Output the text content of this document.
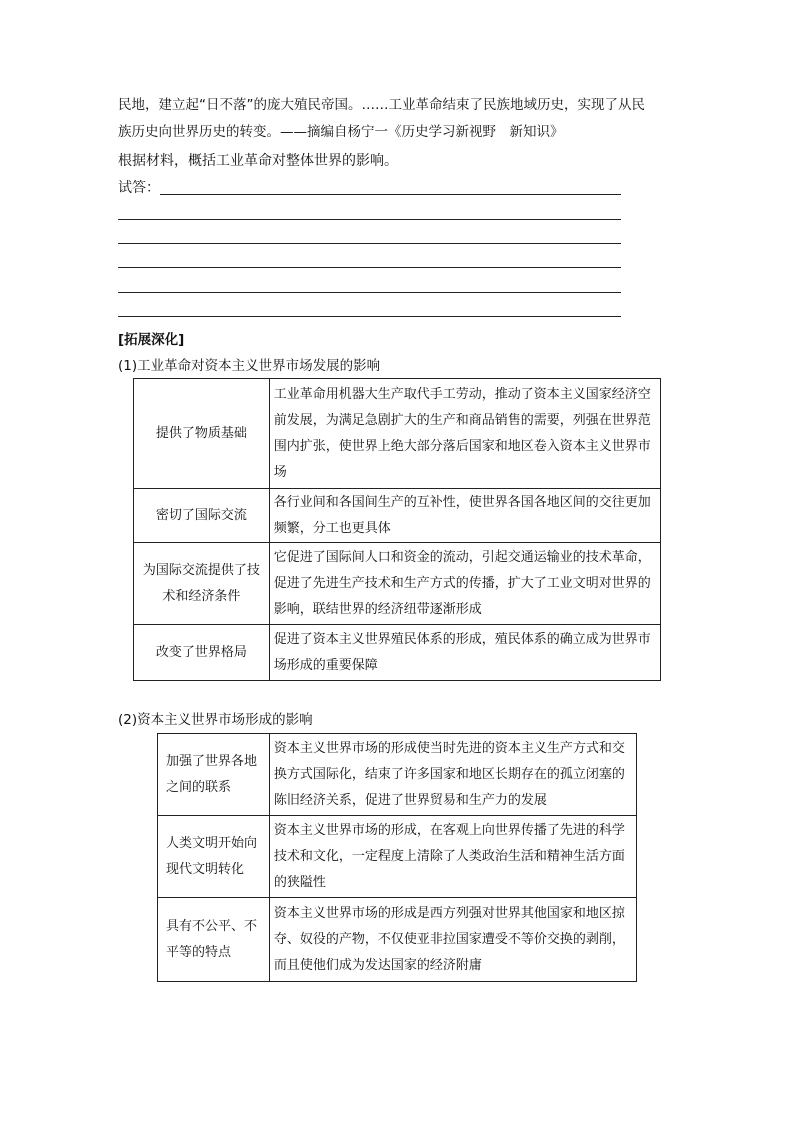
民地，建立起“日不落”的庞大殖民帝国。……工业革命结束了民族地域历史，实现了从民
族历史向世界历史的转变。——摘编自杨宁一《历史学习新视野　新知识》
根据材料，概括工业革命对整体世界的影响。
试答：
[拓展深化]
(1)工业革命对资本主义世界市场发展的影响
提供了物质基础	工业革命用机器大生产取代手工劳动，推动了资本主义国家经济空前发展，为满足急剧扩大的生产和商品销售的需要，列强在世界范围内扩张，使世界上绝大部分落后国家和地区卷入资本主义世界市场
密切了国际交流	各行业间和各国间生产的互补性，使世界各国各地区间的交往更加频繁，分工也更具体
为国际交流提供了技术和经济条件	它促进了国际间人口和资金的流动，引起交通运输业的技术革命，促进了先进生产技术和生产方式的传播，扩大了工业文明对世界的影响，联结世界的经济纽带逐渐形成
改变了世界格局	促进了资本主义世界殖民体系的形成，殖民体系的确立成为世界市场形成的重要保障
(2)资本主义世界市场形成的影响
加强了世界各地之间的联系	资本主义世界市场的形成使当时先进的资本主义生产方式和交换方式国际化，结束了许多国家和地区长期存在的孤立闭塞的陈旧经济关系，促进了世界贸易和生产力的发展
人类文明开始向现代文明转化	资本主义世界市场的形成，在客观上向世界传播了先进的科学技术和文化，一定程度上清除了人类政治生活和精神生活方面的狭隘性
具有不公平、不平等的特点	资本主义世界市场的形成是西方列强对世界其他国家和地区掠夺、奴役的产物，不仅使亚非拉国家遭受不等价交换的剥削，而且使他们成为发达国家的经济附庸
